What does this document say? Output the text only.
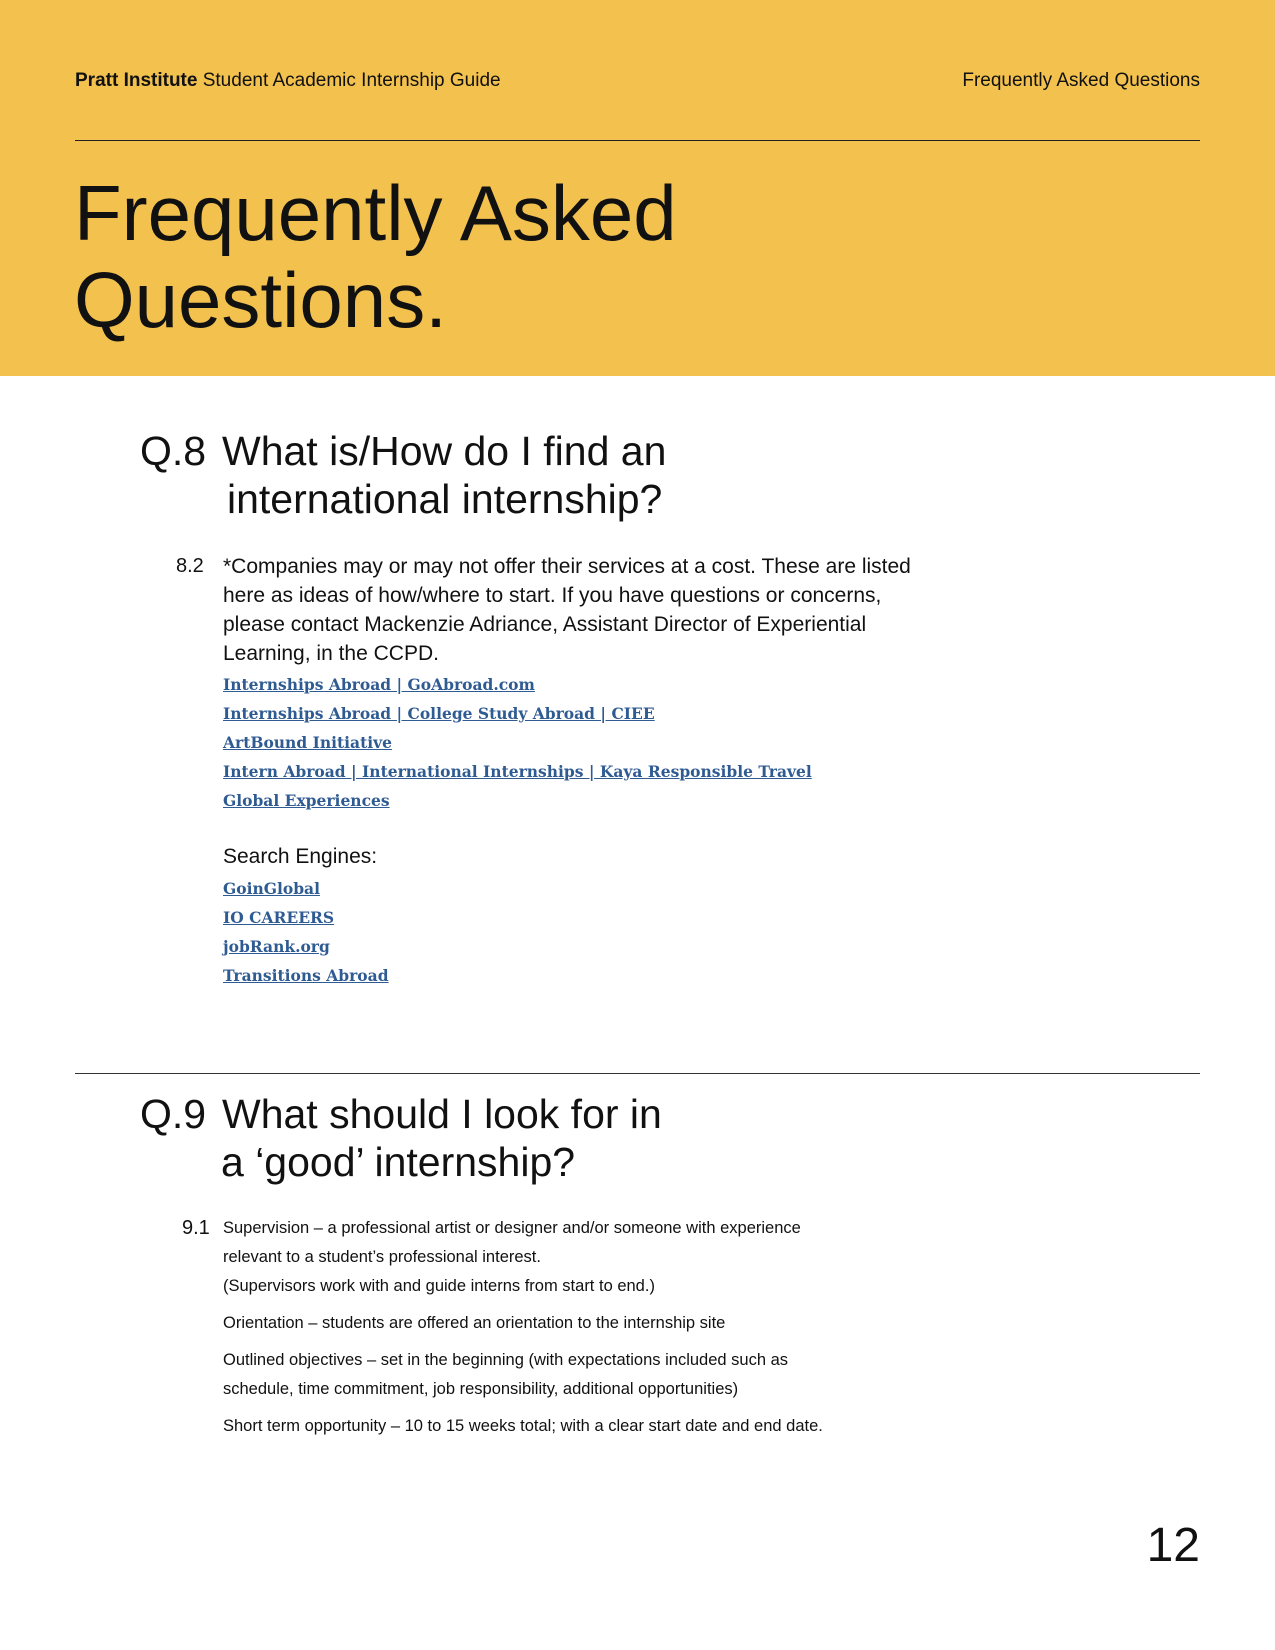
Pratt Institute Student Academic Internship Guide	Frequently Asked Questions
Frequently Asked
Questions.
Q.8 What is/How do I find an
international internship?
8.2 *Companies may or may not offer their services at a cost. These are listed here as ideas of how/where to start. If you have questions or concerns, please contact Mackenzie Adriance, Assistant Director of Experiential Learning, in the CCPD.
Internships Abroad | GoAbroad.com
Internships Abroad | College Study Abroad | CIEE
ArtBound Initiative
Intern Abroad | International Internships | Kaya Responsible Travel
Global Experiences
Search Engines:
GoinGlobal
IO CAREERS
jobRank.org
Transitions Abroad
Q.9 What should I look for in
a ‘good’ internship?
9.1 Supervision – a professional artist or designer and/or someone with experience
relevant to a student’s professional interest.
(Supervisors work with and guide interns from start to end.)

Orientation – students are offered an orientation to the internship site

Outlined objectives – set in the beginning (with expectations included such as
schedule, time commitment, job responsibility, additional opportunities)

Short term opportunity – 10 to 15 weeks total; with a clear start date and end date.

12
